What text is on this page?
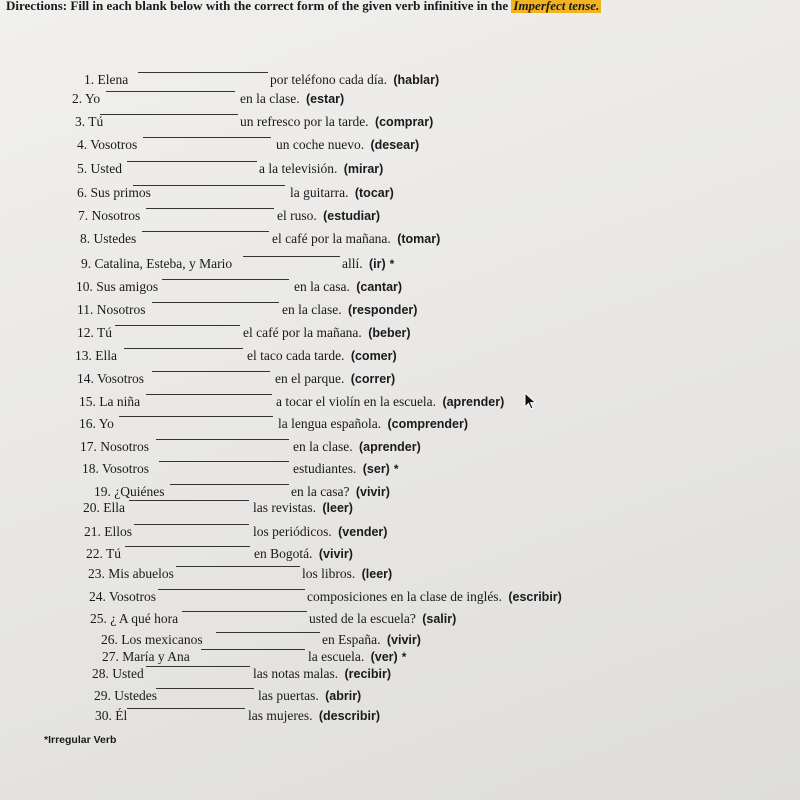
Directions: Fill in each blank below with the correct form of the given verb infinitive in the Imperfect tense.
1. Elena	por teléfono cada día. (hablar)
2. Yo	en la clase. (estar)
3. Tú	un refresco por la tarde. (comprar)
4. Vosotros	un coche nuevo. (desear)
5. Usted	a la televisión. (mirar)
6. Sus primos	la guitarra. (tocar)
7. Nosotros	el ruso. (estudiar)
8. Ustedes	el café por la mañana. (tomar)
9. Catalina, Esteba, y Mario	allí. (ir) *
10. Sus amigos	en la casa. (cantar)
11. Nosotros	en la clase. (responder)
12. Tú	el café por la mañana. (beber)
13. Ella	el taco cada tarde. (comer)
14. Vosotros	en el parque. (correr)
15. La niña	a tocar el violín en la escuela. (aprender)
16. Yo	la lengua española. (comprender)
17. Nosotros	en la clase. (aprender)
18. Vosotros	estudiantes. (ser) *
19. ¿Quiénes	en la casa? (vivir)
20. Ella	las revistas. (leer)
21. Ellos	los periódicos. (vender)
22. Tú	en Bogotá. (vivir)
23. Mis abuelos	los libros. (leer)
24. Vosotros	composiciones en la clase de inglés. (escribir)
25. ¿ A qué hora	usted de la escuela? (salir)
26. Los mexicanos	en España. (vivir)
27. María y Ana	la escuela. (ver) *
28. Usted	las notas malas. (recibir)
29. Ustedes	las puertas. (abrir)
30. Él	las mujeres. (describir)
*Irregular Verb
